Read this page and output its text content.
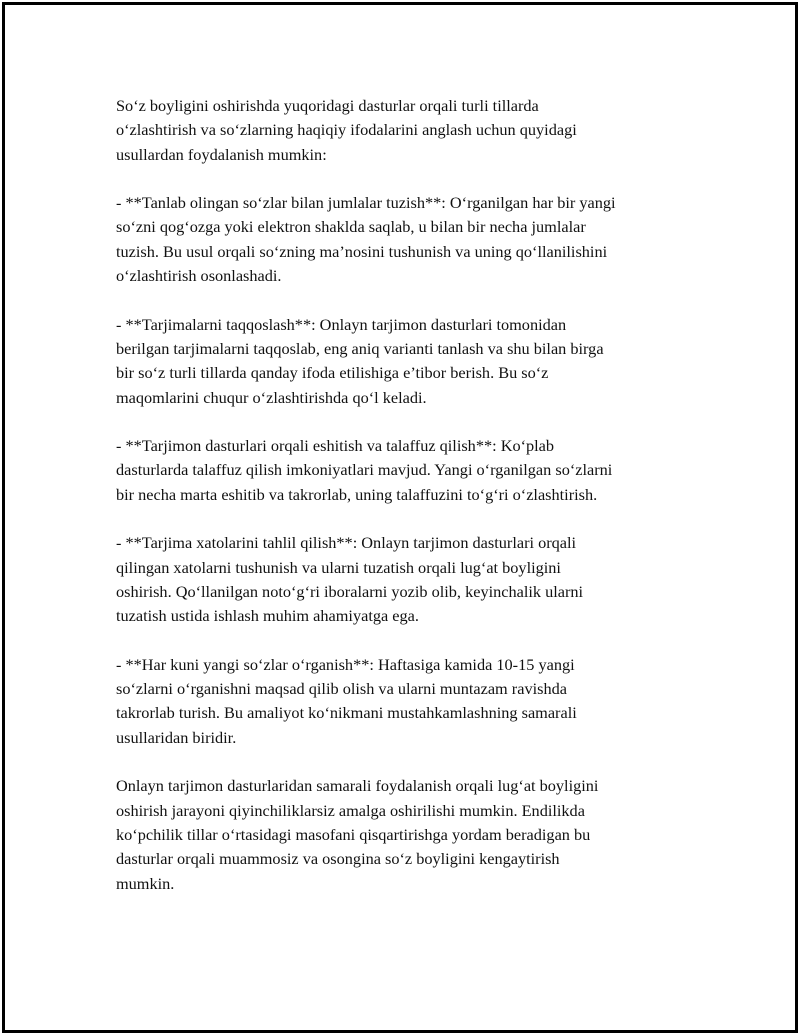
So‘z boyligini oshirishda yuqoridagi dasturlar orqali turli tillarda
o‘zlashtirish va so‘zlarning haqiqiy ifodalarini anglash uchun quyidagi
usullardan foydalanish mumkin:
- **Tanlab olingan so‘zlar bilan jumlalar tuzish**: O‘rganilgan har bir yangi
so‘zni qog‘ozga yoki elektron shaklda saqlab, u bilan bir necha jumlalar
tuzish. Bu usul orqali so‘zning ma’nosini tushunish va uning qo‘llanilishini
o‘zlashtirish osonlashadi.
- **Tarjimalarni taqqoslash**: Onlayn tarjimon dasturlari tomonidan
berilgan tarjimalarni taqqoslab, eng aniq varianti tanlash va shu bilan birga
bir so‘z turli tillarda qanday ifoda etilishiga e’tibor berish. Bu so‘z
maqomlarini chuqur o‘zlashtirishda qo‘l keladi.
- **Tarjimon dasturlari orqali eshitish va talaffuz qilish**: Ko‘plab
dasturlarda talaffuz qilish imkoniyatlari mavjud. Yangi o‘rganilgan so‘zlarni
bir necha marta eshitib va takrorlab, uning talaffuzini to‘g‘ri o‘zlashtirish.
- **Tarjima xatolarini tahlil qilish**: Onlayn tarjimon dasturlari orqali
qilingan xatolarni tushunish va ularni tuzatish orqali lug‘at boyligini
oshirish. Qo‘llanilgan noto‘g‘ri iboralarni yozib olib, keyinchalik ularni
tuzatish ustida ishlash muhim ahamiyatga ega.
- **Har kuni yangi so‘zlar o‘rganish**: Haftasiga kamida 10-15 yangi
so‘zlarni o‘rganishni maqsad qilib olish va ularni muntazam ravishda
takrorlab turish. Bu amaliyot ko‘nikmani mustahkamlashning samarali
usullaridan biridir.
Onlayn tarjimon dasturlaridan samarali foydalanish orqali lug‘at boyligini
oshirish jarayoni qiyinchiliklarsiz amalga oshirilishi mumkin. Endilikda
ko‘pchilik tillar o‘rtasidagi masofani qisqartirishga yordam beradigan bu
dasturlar orqali muammosiz va osongina so‘z boyligini kengaytirish
mumkin.
